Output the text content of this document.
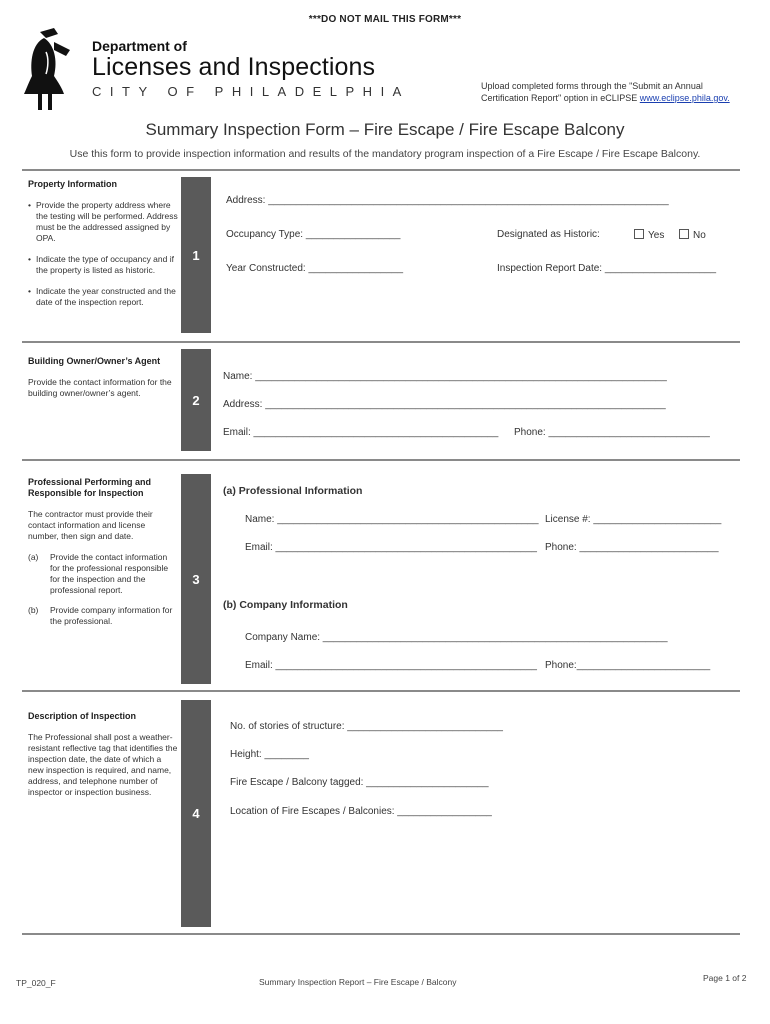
***DO NOT MAIL THIS FORM***
Department of
Licenses and Inspections
CITY OF PHILADELPHIA	Upload completed forms through the "Submit an Annual
Certification Report" option in eCLIPSE www.eclipse.phila.gov.
Summary Inspection Form – Fire Escape / Fire Escape Balcony
Use this form to provide inspection information and results of the mandatory program inspection of a Fire Escape / Fire Escape Balcony.
Property Information
• Provide the property address where the testing will be performed. Address must be the addressed assigned by OPA.
• Indicate the type of occupancy and if the property is listed as historic.
• Indicate the year constructed and the date of the inspection report.
1
Address: ________________________________________________________________________
Occupancy Type: _________________	Designated as Historic:	Yes	No
Year Constructed: _________________	Inspection Report Date: ____________________
Building Owner/Owner’s Agent
Provide the contact information for the building owner/owner’s agent.	2
Name: __________________________________________________________________________
Address: ________________________________________________________________________
Email: ____________________________________________ Phone: _____________________________
Professional Performing and Responsible for Inspection
The contractor must provide their contact information and license number, then sign and date.
(a)	Provide the contact information for the professional responsible for the inspection and the professional report.
(b)	Provide company information for the professional.
3
(a) Professional Information
Name: _______________________________________________ License #: _______________________
Email: _______________________________________________ Phone: _________________________
(b) Company Information
Company Name: ______________________________________________________________
Email: _______________________________________________ Phone:________________________
Description of Inspection
The Professional shall post a weather-resistant reflective tag that identifies the inspection date, the date of which a new inspection is required, and name, address, and telephone number of inspector or inspection business.
4
No. of stories of structure: ____________________________
Height: ________
Fire Escape / Balcony tagged: ______________________
Location of Fire Escapes / Balconies: _________________
TP_020_F	Summary Inspection Report – Fire Escape / Balcony	Page 1 of 2
